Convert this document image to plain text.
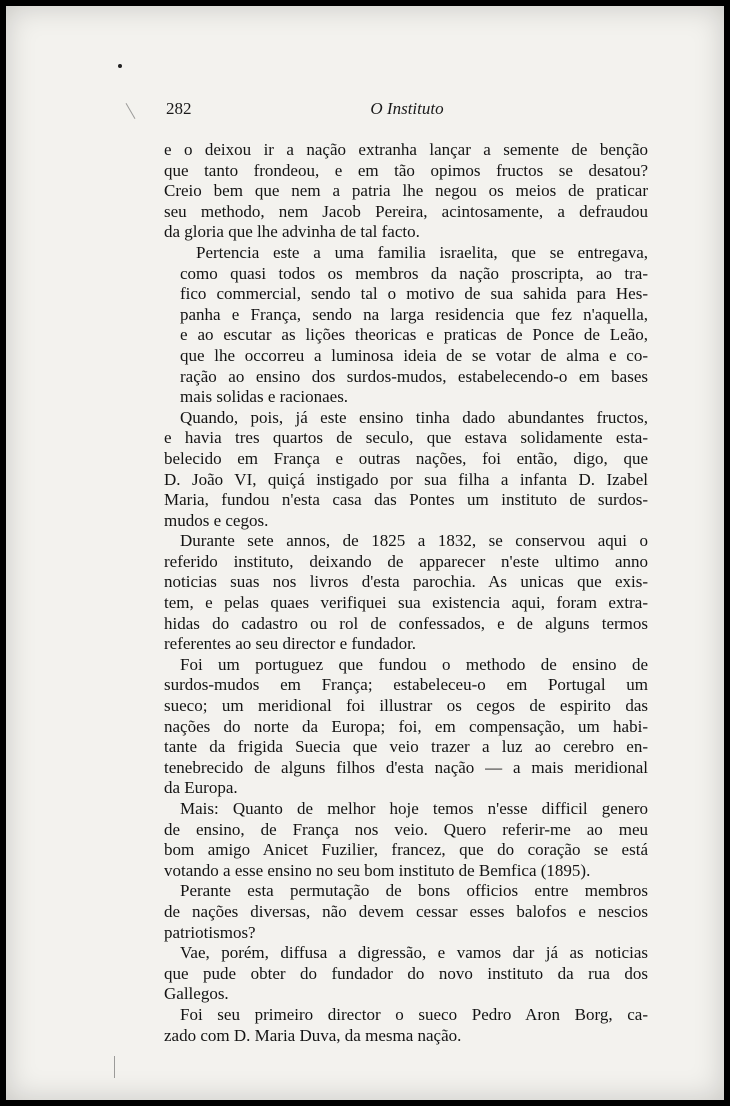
282	O Instituto

e o deixou ir a nação extranha lançar a semente de benção
que tanto frondeou, e em tão opimos fructos se desatou?
Creio bem que nem a patria lhe negou os meios de praticar
seu methodo, nem Jacob Pereira, acintosamente, a defraudou
da gloria que lhe advinha de tal facto.

Pertencia este a uma familia israelita, que se entregava,
como quasi todos os membros da nação proscripta, ao tra-
fico commercial, sendo tal o motivo de sua sahida para Hes-
panha e França, sendo na larga residencia que fez n'aquella,
e ao escutar as lições theoricas e praticas de Ponce de Leão,
que lhe occorreu a luminosa ideia de se votar de alma e co-
ração ao ensino dos surdos-mudos, estabelecendo-o em bases
mais solidas e racionaes.

Quando, pois, já este ensino tinha dado abundantes fructos,
e havia tres quartos de seculo, que estava solidamente esta-
belecido em França e outras nações, foi então, digo, que
D. João VI, quiçá instigado por sua filha a infanta D. Izabel
Maria, fundou n'esta casa das Pontes um instituto de surdos-
mudos e cegos.

Durante sete annos, de 1825 a 1832, se conservou aqui o
referido instituto, deixando de apparecer n'este ultimo anno
noticias suas nos livros d'esta parochia. As unicas que exis-
tem, e pelas quaes verifiquei sua existencia aqui, foram extra-
hidas do cadastro ou rol de confessados, e de alguns termos
referentes ao seu director e fundador.

Foi um portuguez que fundou o methodo de ensino de
surdos-mudos em França; estabeleceu-o em Portugal um
sueco; um meridional foi illustrar os cegos de espirito das
nações do norte da Europa; foi, em compensação, um habi-
tante da frigida Suecia que veio trazer a luz ao cerebro en-
tenebrecido de alguns filhos d'esta nação — a mais meridional
da Europa.

Mais: Quanto de melhor hoje temos n'esse difficil genero
de ensino, de França nos veio. Quero referir-me ao meu
bom amigo Anicet Fuzilier, francez, que do coração se está
votando a esse ensino no seu bom instituto de Bemfica (1895).

Perante esta permutação de bons officios entre membros
de nações diversas, não devem cessar esses balofos e nescios
patriotismos?

Vae, porém, diffusa a digressão, e vamos dar já as noticias
que pude obter do fundador do novo instituto da rua dos
Gallegos.

Foi seu primeiro director o sueco Pedro Aron Borg, ca-
zado com D. Maria Duva, da mesma nação.
